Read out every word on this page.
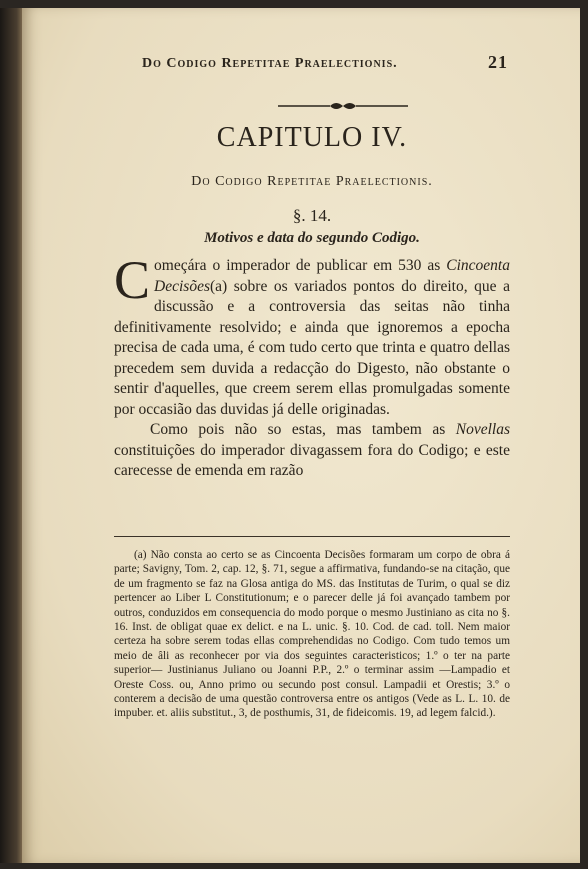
Do Codigo Repetitae Praelectionis.	21
CAPITULO IV.
Do Codigo Repetitae Praelectionis.
§. 14.
Motivos e data do segundo Codigo.

Começára o imperador de publicar em 530 as Cincoenta Decisões(a) sobre os variados pontos do direito, que a discussão e a controversia das seitas não tinha definitivamente resolvido; e ainda que ignoremos a epocha precisa de cada uma, é com tudo certo que trinta e quatro dellas precedem sem duvida a redacção do Digesto, não obstante o sentir d'aquelles, que creem serem ellas promulgadas somente por occasião das duvidas já delle originadas.

Como pois não so estas, mas tambem as Novellas constituições do imperador divagassem fora do Codigo; e este carecesse de emenda em razão

(a) Não consta ao certo se as Cincoenta Decisões formaram um corpo de obra á parte; Savigny, Tom. 2, cap. 12, §. 71, segue a affirmativa, fundando-se na citação, que de um fragmento se faz na Glosa antiga do MS. das Institutas de Turim, o qual se diz pertencer ao Liber L Constitutionum; e o parecer delle já foi avançado tambem por outros, conduzidos em consequencia do modo porque o mesmo Justiniano as cita no §. 16. Inst. de obligat quae ex delict. e na L. unic. §. 10. Cod. de cad. toll. Nem maior certeza ha sobre serem todas ellas comprehendidas no Codigo. Com tudo temos um meio de âli as reconhecer por via dos seguintes caracteristicos; 1.º o ter na parte superior— Justinianus Juliano ou Joanni P.P., 2.º o terminar assim —Lampadio et Oreste Coss. ou, Anno primo ou secundo post consul. Lampadii et Orestis; 3.º o conterem a decisão de uma questão controversa entre os antigos (Vede as L. L. 10. de impuber. et. aliis substitut., 3, de posthumis, 31, de fideicomis. 19, ad legem falcid.).
